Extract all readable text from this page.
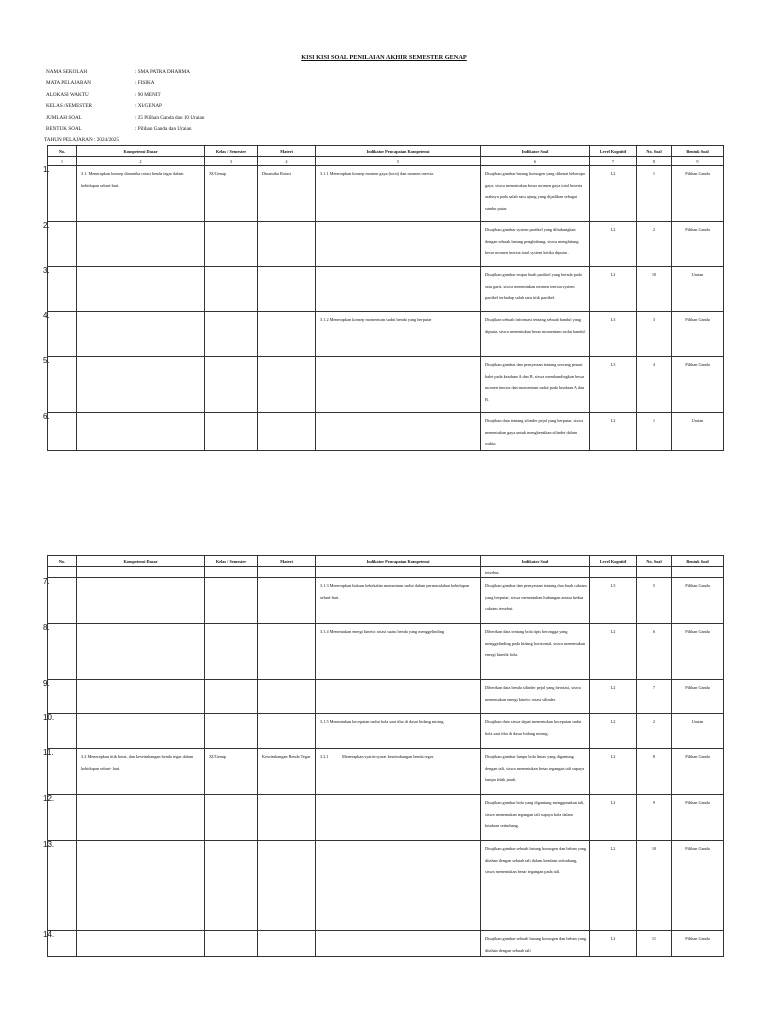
KISI KISI SOAL PENILAIAN AKHIR SEMESTER GENAP
NAMA SEKOLAH	: SMA PATRA DHARMA
MATA PELAJARAN	: FISIKA
ALOKASI WAKTU	: 90 MENIT
KELAS /SEMESTER	: XI/GENAP
JUMLAH SOAL	: 25 Pilihan Ganda dan 10 Uraian
BENTUK SOAL	: Pilihan Ganda dan Uraian
TAHUN PELAJARAN : 2024/2025
No.	Kompetensi Dasar	Kelas / Semester	Materi	Indikator Pencapaian Kompetensi	Indikator Soal	Level Kognitif	No. Soal	Bentuk Soal
1	2	3	4	5	6	7	8	9

1.	3.1. Menerapkan konsep dinamika rotasi benda tegar dalam kehidupan sehari-hari.	XI/Genap	Dinamika Rotasi	3.1.1 Menerapkan konsep momen gaya (torsi) dan momen inersia.	Disajikan gambar batang homogen yang dikenai beberapa gaya, siswa menentukan besar momen gaya total beserta arahnya pada salah satu ujung yang dijadikan sebagai sumbu putar.	L2	1	Pilihan Ganda

2.					Disajikan gambar system partikel yang dihubungkan dengan sebuah batang penghubung, siswa menghitung besar momen inersia total system ketika diputar .	L2	2	Pilihan Ganda

3.					Disajikan gambar empat buah partikel yang berada pada satu garis, siswa menentukan momen inersia system partikel terhadap salah satu titik partikel.	L2	10	Uraian

4.				3.1.2 Menerapkan konsep momentum sudut benda yang berputar	Disajikan sebuah informasi tentang sebuah bandul yang diputar, siswa menentukan besar momentum sudut bandul.	L3	3	Pilihan Ganda

5.					Disajikan gambar dan pernyataan tentang seorang penari balet pada keadaan A dan B, siswa membandingkan besar momen inersia dan momentum sudut pada keadaan A dan B.	L3	4	Pilihan Ganda

6.					Disajikan data tentang silinder pejal yang berputar, siswa menentukan gaya untuk menghentikan silinder dalam waktu	L2	1	Uraian
No.	Kompetensi Dasar	Kelas / Semester	Materi	Indikator Pencapaian Kompetensi	Indikator Soal	Level Kognitif	No. Soal	Bentuk Soal

					tersebut.			

7.				3.1.3 Menerapkan hukum kekekalan momentum sudut dalam permasalahan kehidupan sehari-hari.	Disajikan gambar dan pernyataan tentang dua buah cakram yang berputar, siswa menentukan hubungan antara kedua cakram tersebut.	L3	5	Pilihan Ganda

8.				3.1.4 Menentukan energi kinetic rotasi suatu benda yang menggelinding	Diberikan data tentang bola tipis berongga yang menggelinding pada bidang horizontal, siswa menentukan energi kinetik bola.	L2	6	Pilihan Ganda

9.					Diberikan data benda silinder pejal yang berotasi, siswa menentukan energi kinetic rotasi silinder.	L2	7	Pilihan Ganda

10.				3.1.5 Menentukan kecepatan sudut bola saat tiba di dasar bidang miring.	Disajikan data siswa dapat menentukan kecepatan sudut bola saat tiba di dasar bidang miring.	L2	2	Uraian

11.	3.2 Menerapkan titik berat, dan keseimbangan benda tegar dalam kehidupan sehari- hari.	XI/Genap	Keseimbangan Benda Tegar	3.2.1 Menerapkan syarat-syarat keseimbangan benda tegar.	Disajikan gambar lampu bola lintas yang digantung dengan tali, siswa menentukan besar tegangan tali supaya lampu tidak jatuh.	L2	8	Pilihan Ganda

12.					Disajikan gambar bola yang digantung menggunakan tali, siswa menentukan tegangan tali supaya bola dalam keadaan setimbang.	L2	9	Pilihan Ganda

13.					Disajikan gambar sebuah batang homogen dan beban yang ditahan dengan sebuah tali dalam keadaan setimbang, siswa menentukan besar tegangan pada tali.	L2	10	Pilihan Ganda

14.					Disajikan gambar sebuah batang homogen dan beban yang ditahan dengan sebuah tali	L2	11	Pilihan Ganda
